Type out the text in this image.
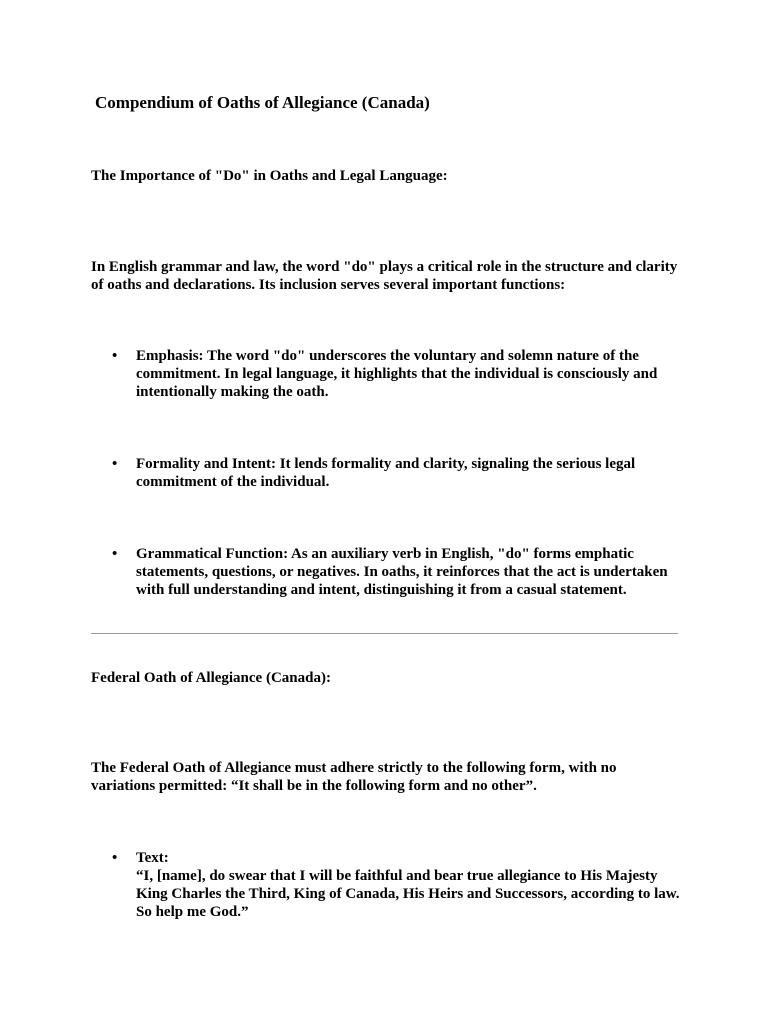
Compendium of Oaths of Allegiance (Canada)
The Importance of "Do" in Oaths and Legal Language:
In English grammar and law, the word "do" plays a critical role in the structure and clarity of oaths and declarations. Its inclusion serves several important functions:
• Emphasis: The word "do" underscores the voluntary and solemn nature of the commitment. In legal language, it highlights that the individual is consciously and intentionally making the oath.
• Formality and Intent: It lends formality and clarity, signaling the serious legal commitment of the individual.
• Grammatical Function: As an auxiliary verb in English, "do" forms emphatic statements, questions, or negatives. In oaths, it reinforces that the act is undertaken with full understanding and intent, distinguishing it from a casual statement.
Federal Oath of Allegiance (Canada):
The Federal Oath of Allegiance must adhere strictly to the following form, with no variations permitted: “It shall be in the following form and no other”.
• Text:
“I, [name], do swear that I will be faithful and bear true allegiance to His Majesty King Charles the Third, King of Canada, His Heirs and Successors, according to law. So help me God.”
